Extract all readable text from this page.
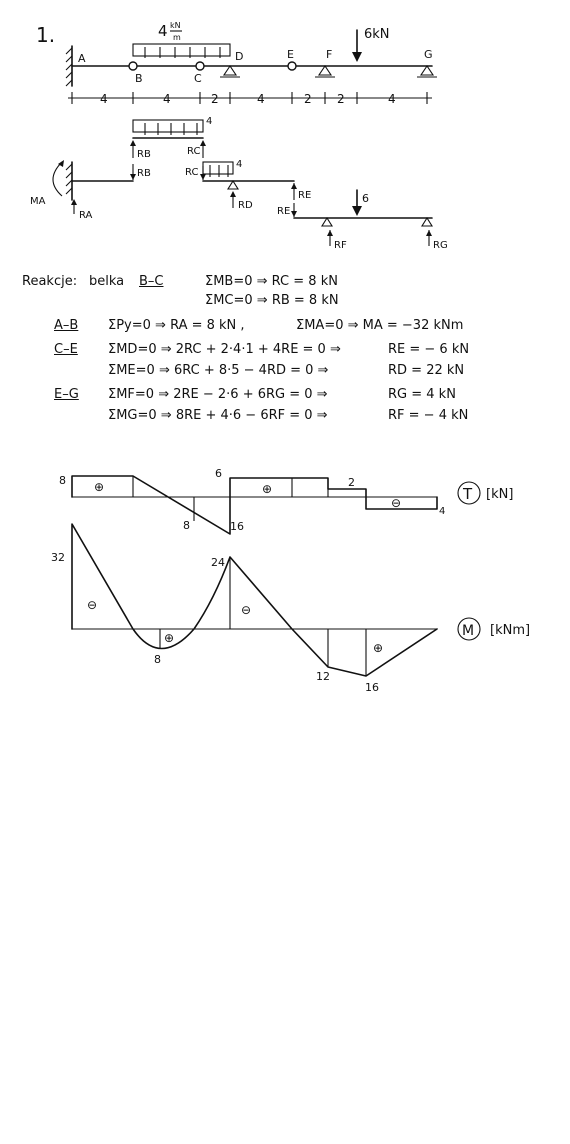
1.	4 kN
m	6kN
A
B	C
D	E	F	G
4	4	2	4	2 2	4
4
RB	RC
RB
MA
RA
4
RC
RD
RE
RE
6
RF	RG
8
8	16
6
2
4
⊕	⊕
⊖	T [kN]
32
8
24
12
16
⊖
⊕
⊖
⊕
M [kNm]
Reakcje: belka B–C	ΣMB=0 ⇒ RC = 8 kN
ΣMC=0 ⇒ RB = 8 kN
A–B ΣPy=0 ⇒ RA = 8 kN ,	ΣMA=0 ⇒ MA = −32 kNm
C–E ΣMD=0 ⇒ 2RC + 2·4·1 + 4RE = 0 ⇒	RE = − 6 kN
ΣME=0 ⇒ 6RC + 8·5 − 4RD = 0 ⇒	RD = 22 kN
E–G ΣMF=0 ⇒ 2RE − 2·6 + 6RG = 0 ⇒	RG = 4 kN
ΣMG=0 ⇒ 8RE + 4·6 − 6RF = 0 ⇒	RF = − 4 kN
